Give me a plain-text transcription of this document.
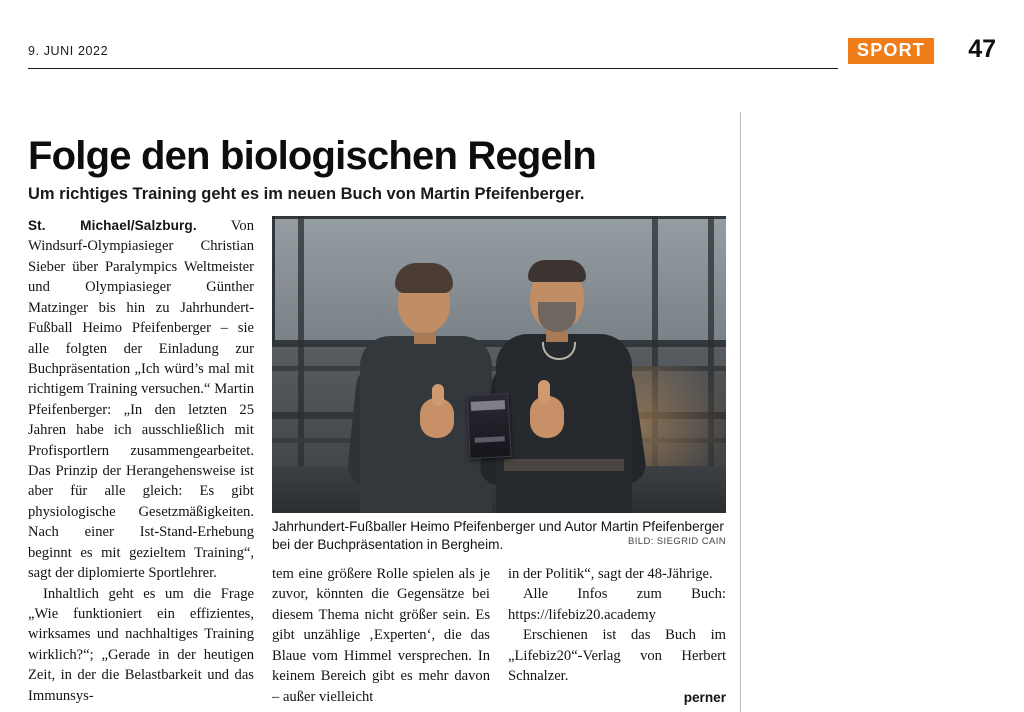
9. JUNI 2022	SPORT	47
Folge den biologischen Regeln
Um richtiges Training geht es im neuen Buch von Martin Pfeifenberger.
Jahrhundert-Fußballer Heimo Pfeifenberger und Autor Martin Pfeifenberger bei der Buchpräsentation in Bergheim.	BILD: SIEGRID CAIN

St. Michael/Salzburg. Von Windsurf-Olympiasieger Christian Sieber über Paralympics Weltmeister und Olympiasieger Günther Matzinger bis hin zu Jahrhundert-Fußball Heimo Pfeifenberger – sie alle folgten der Einladung zur Buchpräsentation „Ich würd’s mal mit richtigem Training versuchen.“ Martin Pfeifenberger: „In den letzten 25 Jahren habe ich ausschließlich mit Profisportlern zusammengearbeitet. Das Prinzip der Herangehensweise ist aber für alle gleich: Es gibt physiologische Gesetzmäßigkeiten. Nach einer Ist-Stand-Erhebung beginnt es mit gezieltem Training“, sagt der diplomierte Sportlehrer.

Inhaltlich geht es um die Frage „Wie funktioniert ein effizientes, wirksames und nachhaltiges Training wirklich?“; „Gerade in der heutigen Zeit, in der die Belastbarkeit und das Immunsys-

tem eine größere Rolle spielen als je zuvor, könnten die Gegensätze bei diesem Thema nicht größer sein. Es gibt unzählige ‚Experten‘, die das Blaue vom Himmel versprechen. In keinem Bereich gibt es mehr davon – außer vielleicht

in der Politik“, sagt der 48-Jährige.

Alle Infos zum Buch: https://lifebiz20.academy

Erschienen ist das Buch im „Lifebiz20“-Verlag von Herbert Schnalzer.

perner
